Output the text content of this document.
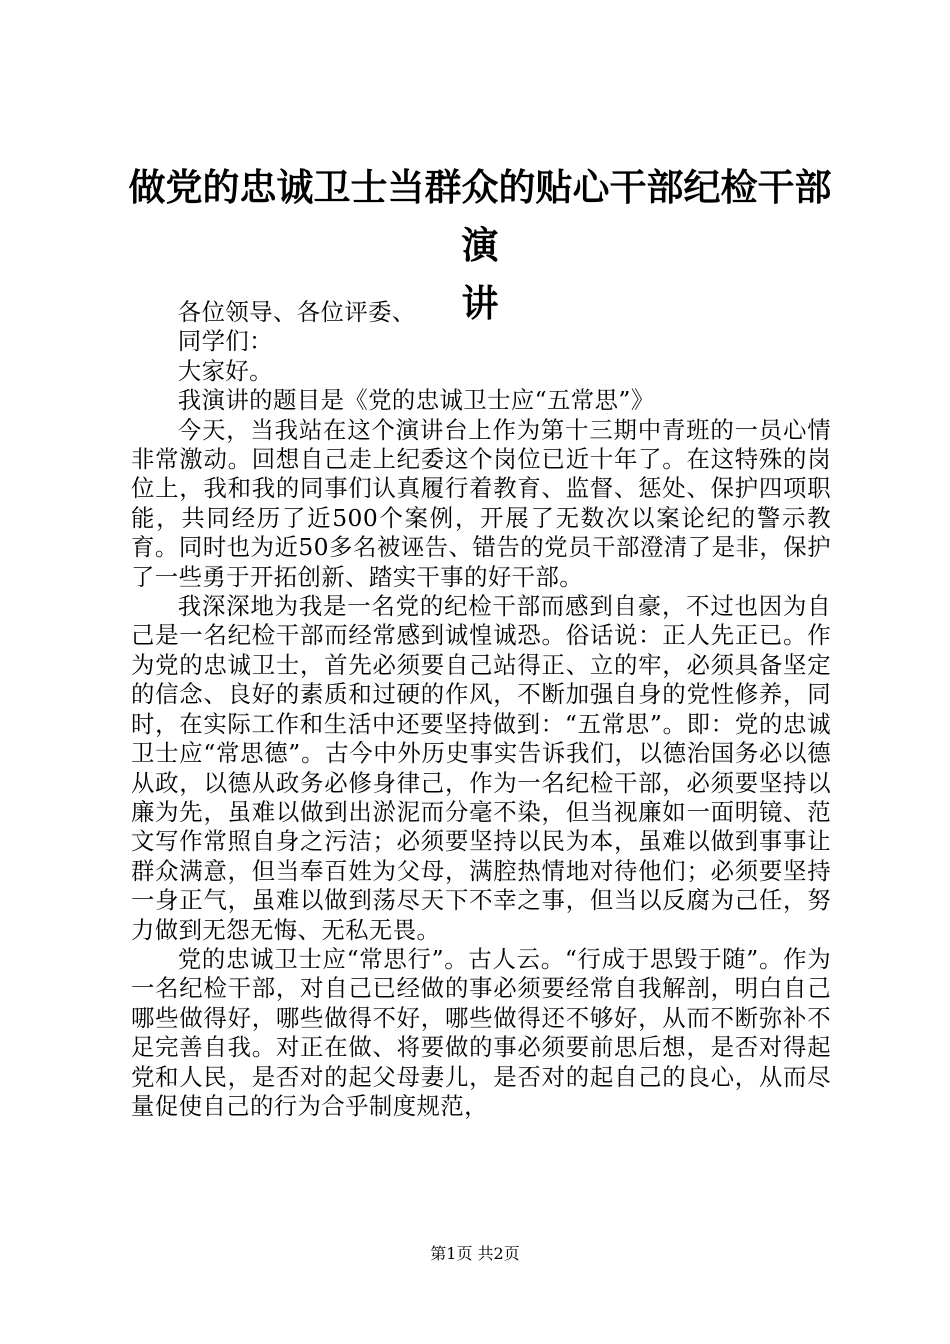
做党的忠诚卫士当群众的贴心干部纪检干部演
讲

各位领导、各位评委、

同学们：

大家好。

我演讲的题目是《党的忠诚卫士应“五常思”》

今天，当我站在这个演讲台上作为第十三期中青班的一员心情非常激动。回想自己走上纪委这个岗位已近十年了。在这特殊的岗位上，我和我的同事们认真履行着教育、监督、惩处、保护四项职能，共同经历了近500个案例，开展了无数次以案论纪的警示教育。同时也为近50多名被诬告、错告的党员干部澄清了是非，保护了一些勇于开拓创新、踏实干事的好干部。

我深深地为我是一名党的纪检干部而感到自豪，不过也因为自己是一名纪检干部而经常感到诚惶诚恐。俗话说：正人先正已。作为党的忠诚卫士，首先必须要自己站得正、立的牢，必须具备坚定的信念、良好的素质和过硬的作风，不断加强自身的党性修养，同时，在实际工作和生活中还要坚持做到：“五常思”。即：党的忠诚卫士应“常思德”。古今中外历史事实告诉我们，以德治国务必以德从政，以德从政务必修身律己，作为一名纪检干部，必须要坚持以廉为先，虽难以做到出淤泥而分毫不染，但当视廉如一面明镜、范文写作常照自身之污洁；必须要坚持以民为本，虽难以做到事事让群众满意，但当奉百姓为父母，满腔热情地对待他们；必须要坚持一身正气，虽难以做到荡尽天下不幸之事，但当以反腐为己任，努力做到无怨无悔、无私无畏。

党的忠诚卫士应“常思行”。古人云。“行成于思毁于随”。作为一名纪检干部，对自己已经做的事必须要经常自我解剖，明白自己哪些做得好，哪些做得不好，哪些做得还不够好，从而不断弥补不足完善自我。对正在做、将要做的事必须要前思后想，是否对得起党和人民，是否对的起父母妻儿，是否对的起自己的良心，从而尽量促使自己的行为合乎制度规范，

第1页 共2页
